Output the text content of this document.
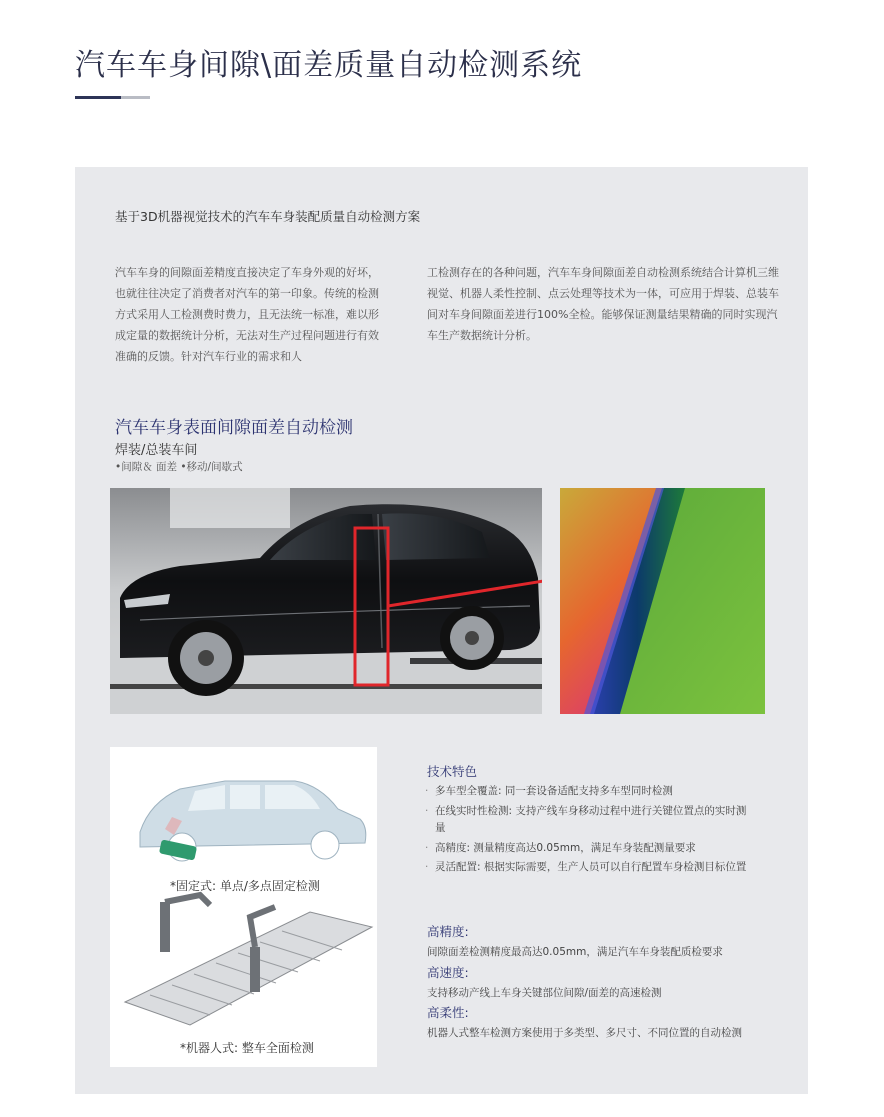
汽车车身间隙\面差质量自动检测系统
基于3D机器视觉技术的汽车车身装配质量自动检测方案
汽车车身的间隙面差精度直接决定了车身外观的好坏，也就往往决定了消费者对汽车的第一印象。传统的检测方式采用人工检测费时费力，且无法统一标准，难以形成定量的数据统计分析，无法对生产过程问题进行有效准确的反馈。针对汽车行业的需求和人
工检测存在的各种问题，汽车车身间隙面差自动检测系统结合计算机三维视觉、机器人柔性控制、点云处理等技术为一体，可应用于焊装、总装车间对车身间隙面差进行100%全检。能够保证测量结果精确的同时实现汽车生产数据统计分析。
汽车车身表面间隙面差自动检测
焊装/总装车间
•间隙＆ 面差 •移动/间歇式
*固定式: 单点/多点固定检测
*机器人式: 整车全面检测
技术特色
· 多车型全覆盖: 同一套设备适配支持多车型同时检测
· 在线实时性检测: 支持产线车身移动过程中进行关键位置点的实时测量
· 高精度: 测量精度高达0.05mm，满足车身装配测量要求
· 灵活配置: 根据实际需要，生产人员可以自行配置车身检测目标位置
高精度:
间隙面差检测精度最高达0.05mm，满足汽车车身装配质检要求
高速度:
支持移动产线上车身关键部位间隙/面差的高速检测
高柔性:
机器人式整车检测方案使用于多类型、多尺寸、不同位置的自动检测
